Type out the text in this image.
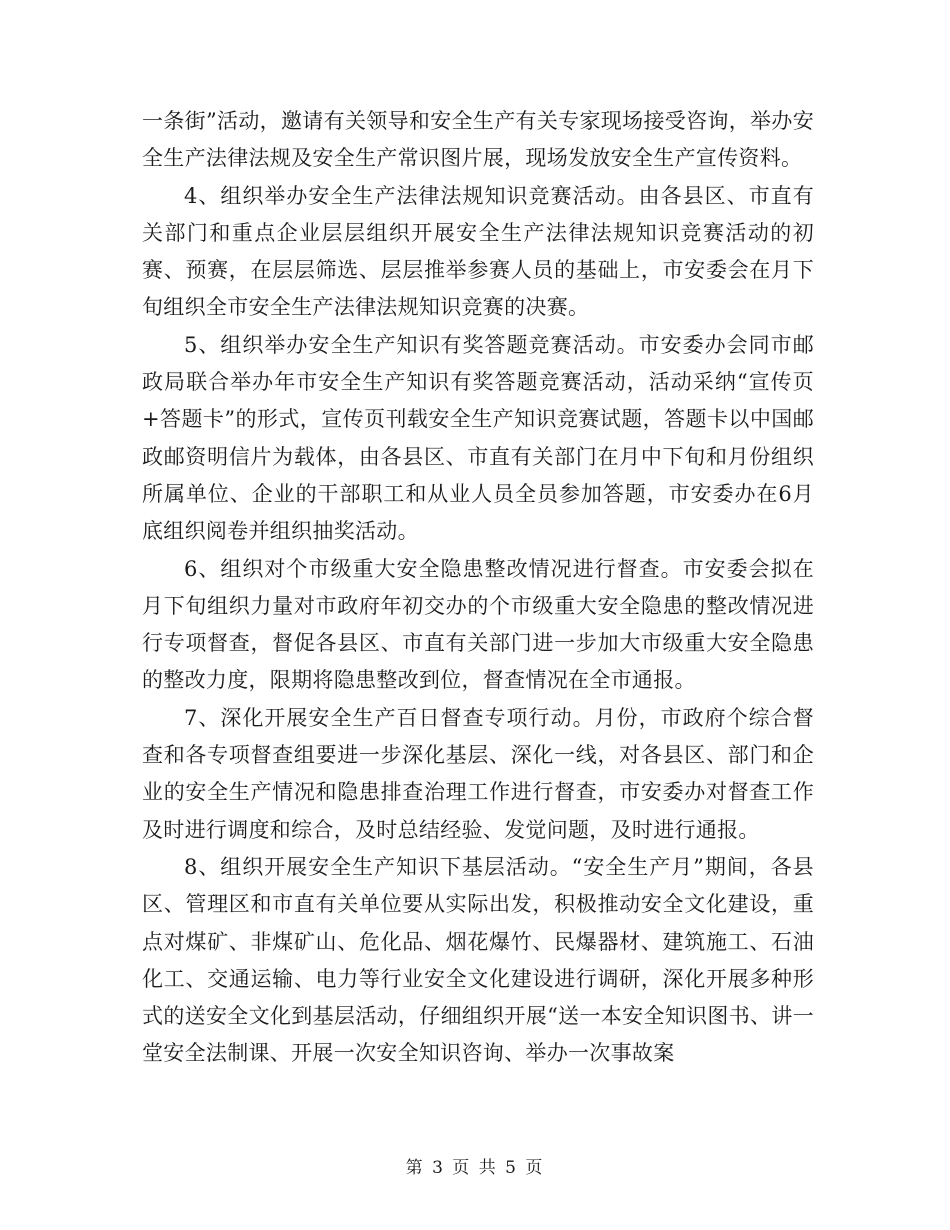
一条街”活动，邀请有关领导和安全生产有关专家现场接受咨询，举办安全生产法律法规及安全生产常识图片展，现场发放安全生产宣传资料。

4、组织举办安全生产法律法规知识竞赛活动。由各县区、市直有关部门和重点企业层层组织开展安全生产法律法规知识竞赛活动的初赛、预赛，在层层筛选、层层推举参赛人员的基础上，市安委会在月下旬组织全市安全生产法律法规知识竞赛的决赛。

5、组织举办安全生产知识有奖答题竞赛活动。市安委办会同市邮政局联合举办年市安全生产知识有奖答题竞赛活动，活动采纳“宣传页+答题卡”的形式，宣传页刊载安全生产知识竞赛试题，答题卡以中国邮政邮资明信片为载体，由各县区、市直有关部门在月中下旬和月份组织所属单位、企业的干部职工和从业人员全员参加答题，市安委办在6月底组织阅卷并组织抽奖活动。

6、组织对个市级重大安全隐患整改情况进行督查。市安委会拟在月下旬组织力量对市政府年初交办的个市级重大安全隐患的整改情况进行专项督查，督促各县区、市直有关部门进一步加大市级重大安全隐患的整改力度，限期将隐患整改到位，督查情况在全市通报。

7、深化开展安全生产百日督查专项行动。月份，市政府个综合督查和各专项督查组要进一步深化基层、深化一线，对各县区、部门和企业的安全生产情况和隐患排查治理工作进行督查，市安委办对督查工作及时进行调度和综合，及时总结经验、发觉问题，及时进行通报。

8、组织开展安全生产知识下基层活动。“安全生产月”期间，各县区、管理区和市直有关单位要从实际出发，积极推动安全文化建设，重点对煤矿、非煤矿山、危化品、烟花爆竹、民爆器材、建筑施工、石油化工、交通运输、电力等行业安全文化建设进行调研，深化开展多种形式的送安全文化到基层活动，仔细组织开展“送一本安全知识图书、讲一堂安全法制课、开展一次安全知识咨询、举办一次事故案

第 3 页 共 5 页
